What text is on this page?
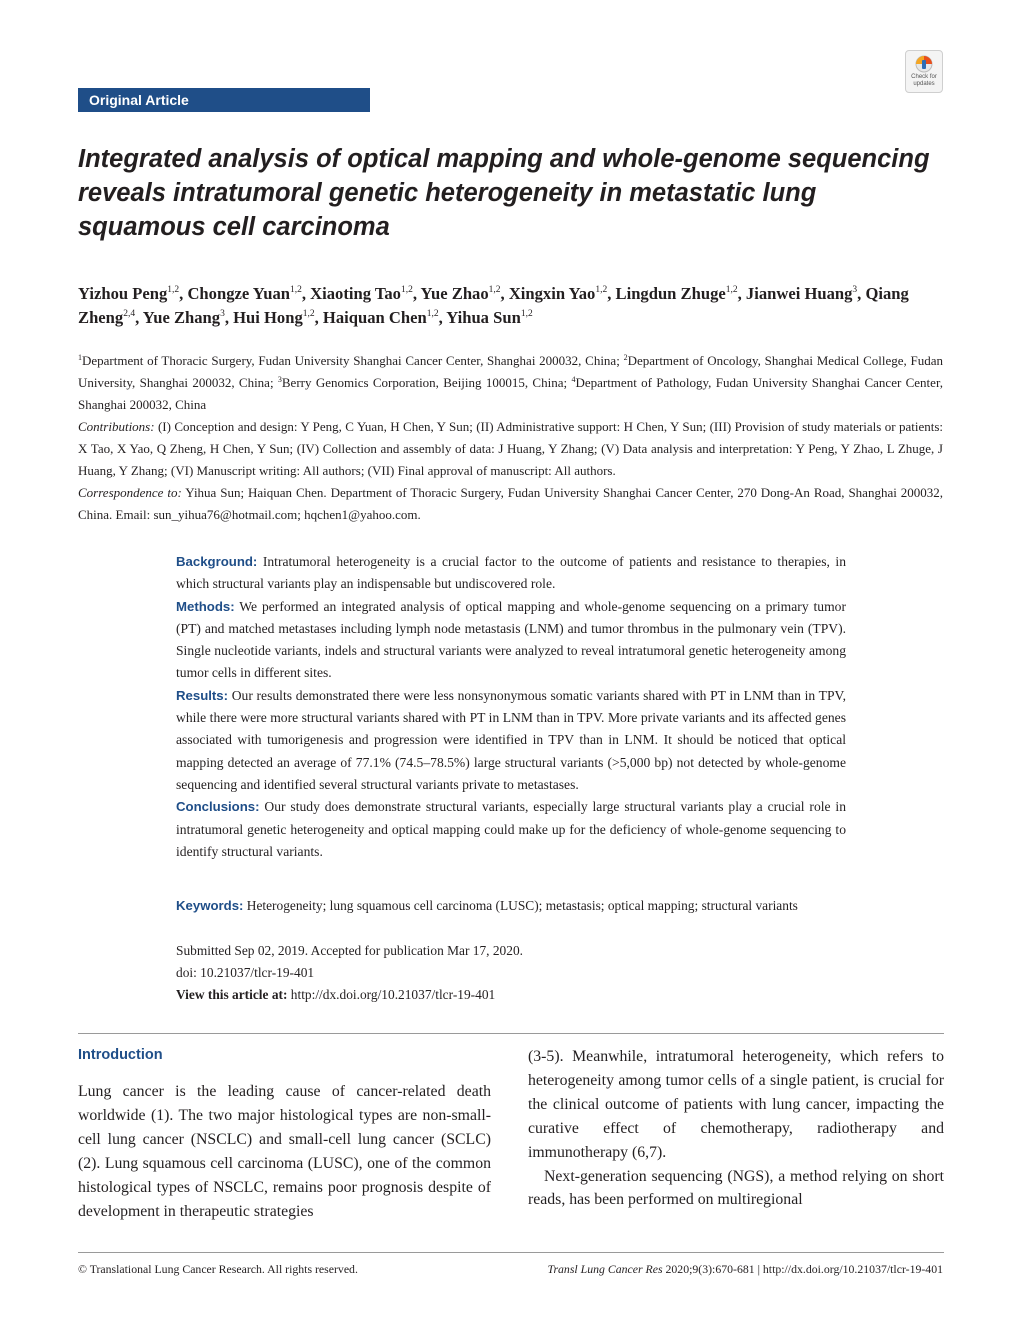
Original Article
Check for updates
Integrated analysis of optical mapping and whole-genome sequencing reveals intratumoral genetic heterogeneity in metastatic lung squamous cell carcinoma

Yizhou Peng$^{1,2}$, Chongze Yuan$^{1,2}$, Xiaoting Tao$^{1,2}$, Yue Zhao$^{1,2}$, Xingxin Yao$^{1,2}$, Lingdun Zhuge$^{1,2}$, Jianwei Huang$^3$, Qiang Zheng$^{2,4}$, Yue Zhang$^3$, Hui Hong$^{1,2}$, Haiquan Chen$^{1,2}$, Yihua Sun$^{1,2}$

$^1$Department of Thoracic Surgery, Fudan University Shanghai Cancer Center, Shanghai 200032, China; $^2$Department of Oncology, Shanghai Medical College, Fudan University, Shanghai 200032, China; $^3$Berry Genomics Corporation, Beijing 100015, China; $^4$Department of Pathology, Fudan University Shanghai Cancer Center, Shanghai 200032, China

Contributions: (I) Conception and design: Y Peng, C Yuan, H Chen, Y Sun; (II) Administrative support: H Chen, Y Sun; (III) Provision of study materials or patients: X Tao, X Yao, Q Zheng, H Chen, Y Sun; (IV) Collection and assembly of data: J Huang, Y Zhang; (V) Data analysis and interpretation: Y Peng, Y Zhao, L Zhuge, J Huang, Y Zhang; (VI) Manuscript writing: All authors; (VII) Final approval of manuscript: All authors.

Correspondence to: Yihua Sun; Haiquan Chen. Department of Thoracic Surgery, Fudan University Shanghai Cancer Center, 270 Dong-An Road, Shanghai 200032, China. Email: sun_yihua76@hotmail.com; hqchen1@yahoo.com.

Background: Intratumoral heterogeneity is a crucial factor to the outcome of patients and resistance to therapies, in which structural variants play an indispensable but undiscovered role.

Methods: We performed an integrated analysis of optical mapping and whole-genome sequencing on a primary tumor (PT) and matched metastases including lymph node metastasis (LNM) and tumor thrombus in the pulmonary vein (TPV). Single nucleotide variants, indels and structural variants were analyzed to reveal intratumoral genetic heterogeneity among tumor cells in different sites.

Results: Our results demonstrated there were less nonsynonymous somatic variants shared with PT in LNM than in TPV, while there were more structural variants shared with PT in LNM than in TPV. More private variants and its affected genes associated with tumorigenesis and progression were identified in TPV than in LNM. It should be noticed that optical mapping detected an average of 77.1% (74.5–78.5%) large structural variants (>5,000 bp) not detected by whole-genome sequencing and identified several structural variants private to metastases.

Conclusions: Our study does demonstrate structural variants, especially large structural variants play a crucial role in intratumoral genetic heterogeneity and optical mapping could make up for the deficiency of whole-genome sequencing to identify structural variants.

Keywords: Heterogeneity; lung squamous cell carcinoma (LUSC); metastasis; optical mapping; structural variants

Submitted Sep 02, 2019. Accepted for publication Mar 17, 2020.

doi: 10.21037/tlcr-19-401

View this article at: http://dx.doi.org/10.21037/tlcr-19-401

Introduction

Lung cancer is the leading cause of cancer-related death worldwide (1). The two major histological types are non-small-cell lung cancer (NSCLC) and small-cell lung cancer (SCLC) (2). Lung squamous cell carcinoma (LUSC), one of the common histological types of NSCLC, remains poor prognosis despite of development in therapeutic strategies

(3-5). Meanwhile, intratumoral heterogeneity, which refers to heterogeneity among tumor cells of a single patient, is crucial for the clinical outcome of patients with lung cancer, impacting the curative effect of chemotherapy, radiotherapy and immunotherapy (6,7).

Next-generation sequencing (NGS), a method relying on short reads, has been performed on multiregional

© Translational Lung Cancer Research. All rights reserved.	Transl Lung Cancer Res 2020;9(3):670-681 | http://dx.doi.org/10.21037/tlcr-19-401
